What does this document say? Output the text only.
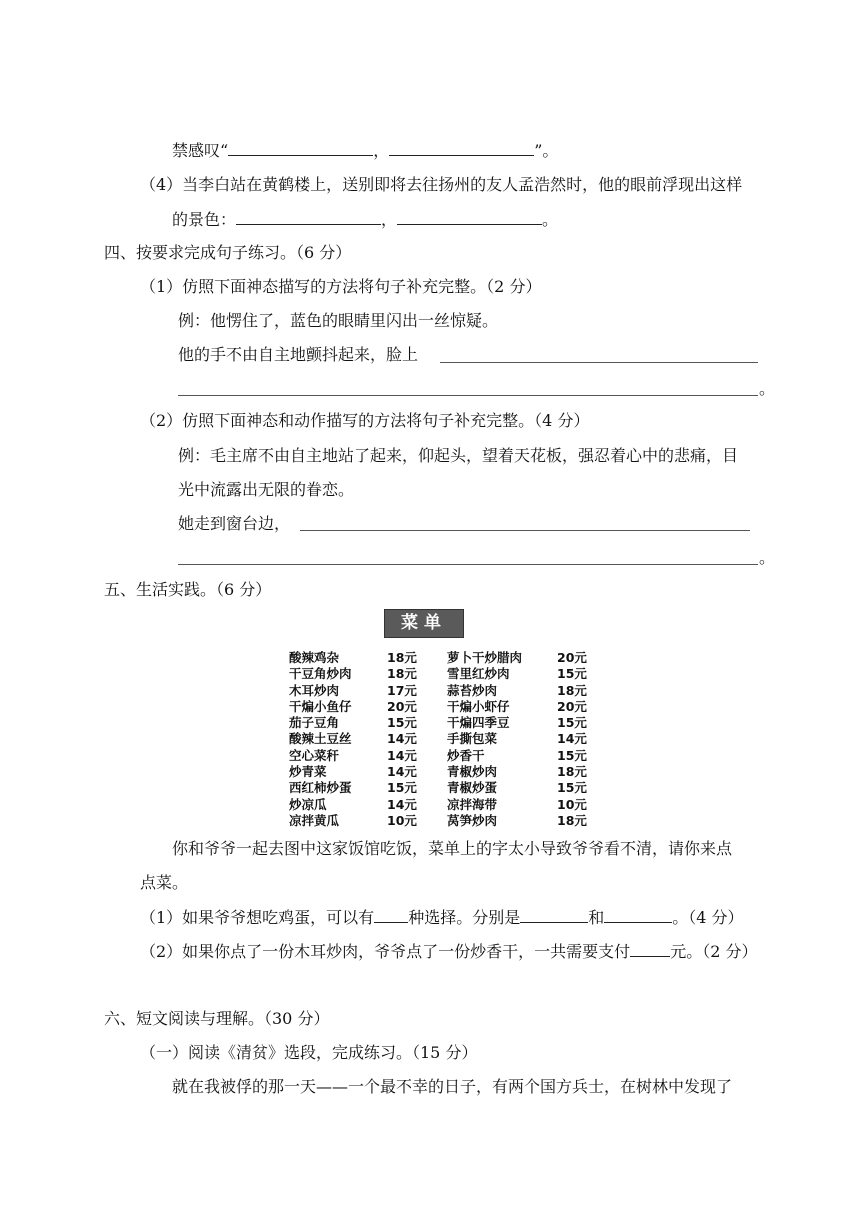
禁感叹“	，	”。
（4）当李白站在黄鹤楼上，送别即将去往扬州的友人孟浩然时，他的眼前浮现出这样
的景色：	，	。
四、按要求完成句子练习。（6 分）
（1）仿照下面神态描写的方法将句子补充完整。（2 分）
例：他愣住了，蓝色的眼睛里闪出一丝惊疑。
他的手不由自主地颤抖起来，脸上
。
（2）仿照下面神态和动作描写的方法将句子补充完整。（4 分）
例：毛主席不由自主地站了起来，仰起头，望着天花板，强忍着心中的悲痛，目
光中流露出无限的眷恋。
她走到窗台边，
。
五、生活实践。（6 分）
菜单
酸辣鸡杂	18元 萝卜干炒腊肉	20元
干豆角炒肉	18元 雪里红炒肉	15元
木耳炒肉	17元 蒜苔炒肉	18元
干煸小鱼仔	20元 干煸小虾仔	20元
茄子豆角	15元 干煸四季豆	15元
酸辣土豆丝	14元 手撕包菜	14元
空心菜秆	14元 炒香干	15元
炒青菜	14元 青椒炒肉	18元
西红柿炒蛋	15元 青椒炒蛋	15元
炒凉瓜	14元 凉拌海带	10元
凉拌黄瓜	10元 莴笋炒肉	18元
你和爷爷一起去图中这家饭馆吃饭，菜单上的字太小导致爷爷看不清，请你来点
点菜。
（1）如果爷爷想吃鸡蛋，可以有 种选择。分别是	和	。（4 分）
（2）如果你点了一份木耳炒肉，爷爷点了一份炒香干，一共需要支付	元。（2 分）
六、短文阅读与理解。（30 分）
（一）阅读《清贫》选段，完成练习。（15 分）
就在我被俘的那一天——一个最不幸的日子，有两个国方兵士，在树林中发现了
